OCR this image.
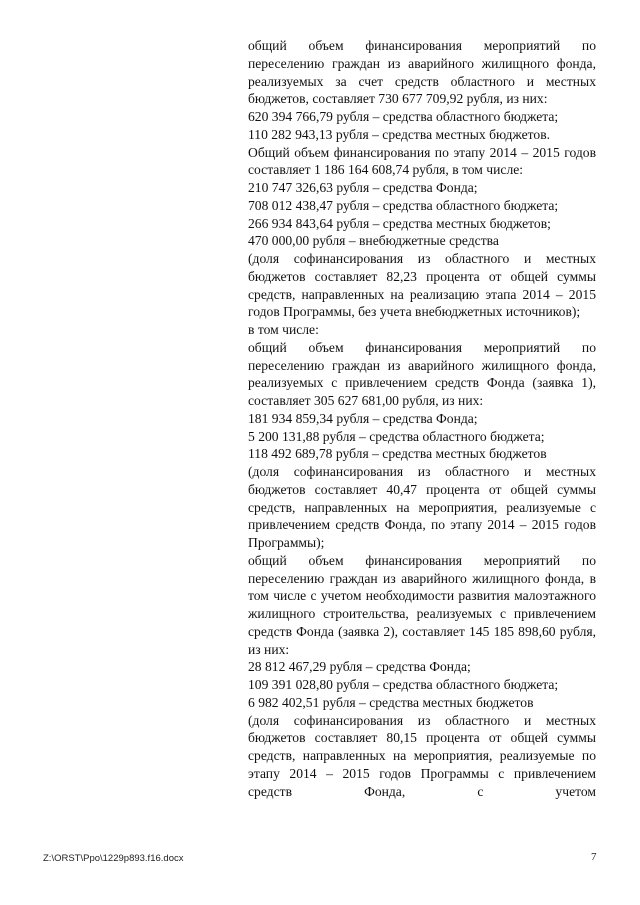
общий объем финансирования мероприятий по переселению граждан из аварийного жилищного фонда, реализуемых за счет средств областного и местных бюджетов, составляет 730 677 709,92 рубля, из них:

620 394 766,79 рубля – средства областного бюджета;

110 282 943,13 рубля – средства местных бюджетов.

Общий объем финансирования по этапу 2014 – 2015 годов составляет 1 186 164 608,74 рубля, в том числе:

210 747 326,63 рубля – средства Фонда;

708 012 438,47 рубля – средства областного бюджета;

266 934 843,64 рубля – средства местных бюджетов;

470 000,00 рубля – внебюджетные средства

(доля софинансирования из областного и местных бюджетов составляет 82,23 процента от общей суммы средств, направленных на реализацию этапа 2014 – 2015 годов Программы, без учета внебюджетных источников);

в том числе:

общий объем финансирования мероприятий по переселению граждан из аварийного жилищного фонда, реализуемых с привлечением средств Фонда (заявка 1), составляет 305 627 681,00 рубля, из них:

181 934 859,34 рубля – средства Фонда;

5 200 131,88 рубля – средства областного бюджета;

118 492 689,78 рубля – средства местных бюджетов

(доля софинансирования из областного и местных бюджетов составляет 40,47 процента от общей суммы средств, направленных на мероприятия, реализуемые с привлечением средств Фонда, по этапу 2014 – 2015 годов Программы);

общий объем финансирования мероприятий по переселению граждан из аварийного жилищного фонда, в том числе с учетом необходимости развития малоэтажного жилищного строительства, реализуемых с привлечением средств Фонда (заявка 2), составляет 145 185 898,60 рубля, из них:

28 812 467,29 рубля – средства Фонда;

109 391 028,80 рубля – средства областного бюджета;

6 982 402,51 рубля – средства местных бюджетов

(доля софинансирования из областного и местных бюджетов составляет 80,15 процента от общей суммы средств, направленных на мероприятия, реализуемые по этапу 2014 – 2015 годов Программы с привлечением средств Фонда, с учетом

Z:\ORST\Ppo\1229p893.f16.docx	7
